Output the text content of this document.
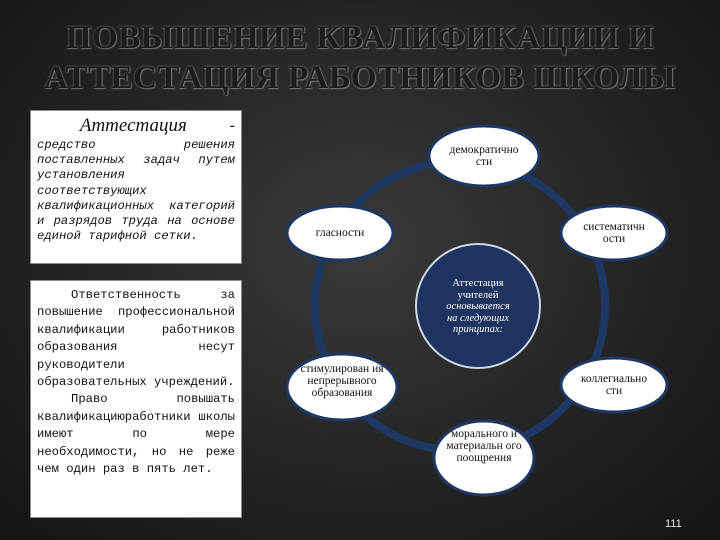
ПОВЫШЕНИЕ КВАЛИФИКАЦИИ И
АТТЕСТАЦИЯ РАБОТНИКОВ ШКОЛЫ
Аттестация	-
средство решения поставленных задач путем установления соответствующих квалификационных категорий и разрядов труда на основе единой тарифной сетки.
Ответственность за повышение профессиональной квалификации работников образования несут руководители образовательных учреждений.
Право повышать квалификациюработники школы имеют по мере необходимости, но не реже чем один раз в пять лет.
демократично сти
гласности	систематичн ости
стимулирован ия непрерывного образования
коллегиально сти
морального и материальн ого поощрения
Аттестация
учителей
основывается
на следующих
принципах:
111
